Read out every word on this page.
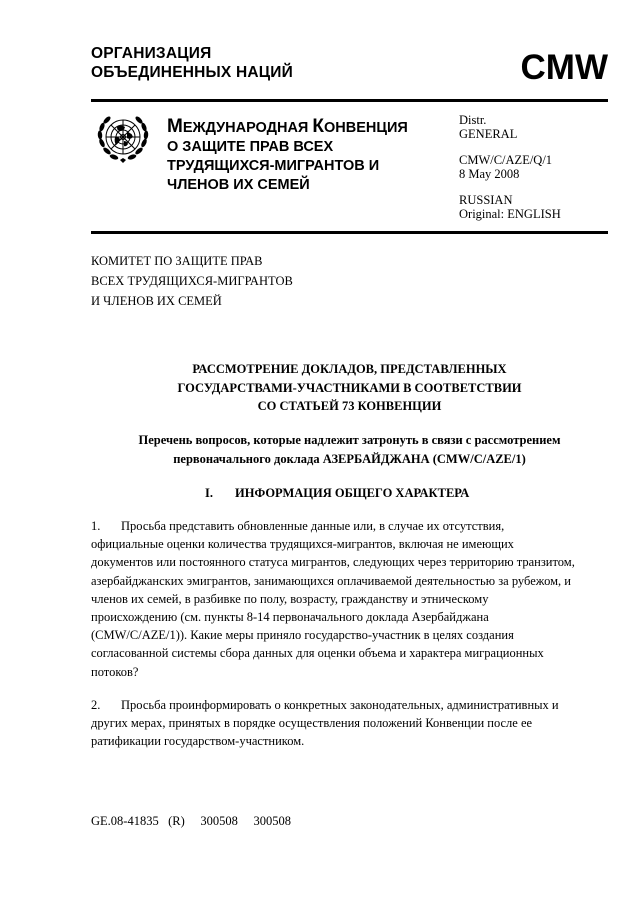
ОРГАНИЗАЦИЯ
ОБЪЕДИНЕННЫХ НАЦИЙ	CMW
МЕЖДУНАРОДНАЯ КОНВЕНЦИЯ
О ЗАЩИТЕ ПРАВ ВСЕХ
ТРУДЯЩИХСЯ-МИГРАНТОВ И
ЧЛЕНОВ ИХ СЕМЕЙ
Distr.
GENERAL
CMW/C/AZE/Q/1
8 May 2008
RUSSIAN
Original: ENGLISH
КОМИТЕТ ПО ЗАЩИТЕ ПРАВ
ВСЕХ ТРУДЯЩИХСЯ-МИГРАНТОВ
И ЧЛЕНОВ ИХ СЕМЕЙ
РАССМОТРЕНИЕ ДОКЛАДОВ, ПРЕДСТАВЛЕННЫХ
ГОСУДАРСТВАМИ-УЧАСТНИКАМИ В СООТВЕТСТВИИ
СО СТАТЬЕЙ 73 КОНВЕНЦИИ
Перечень вопросов, которые надлежит затронуть в связи с рассмотрением
первоначального доклада АЗЕРБАЙДЖАНА (CMW/C/AZE/1)
I. ИНФОРМАЦИЯ ОБЩЕГО ХАРАКТЕРА
1. Просьба представить обновленные данные или, в случае их отсутствия,
официальные оценки количества трудящихся-мигрантов, включая не имеющих
документов или постоянного статуса мигрантов, следующих через территорию транзитом,
азербайджанских эмигрантов, занимающихся оплачиваемой деятельностью за рубежом, и
членов их семей, в разбивке по полу, возрасту, гражданству и этническому
происхождению (см. пункты 8-14 первоначального доклада Азербайджана
(CMW/C/AZE/1)). Какие меры приняло государство-участник в целях создания
согласованной системы сбора данных для оценки объема и характера миграционных
потоков?
2. Просьба проинформировать о конкретных законодательных, административных и
других мерах, принятых в порядке осуществления положений Конвенции после ее
ратификации государством-участником.
GE.08-41835 (R) 300508 300508
